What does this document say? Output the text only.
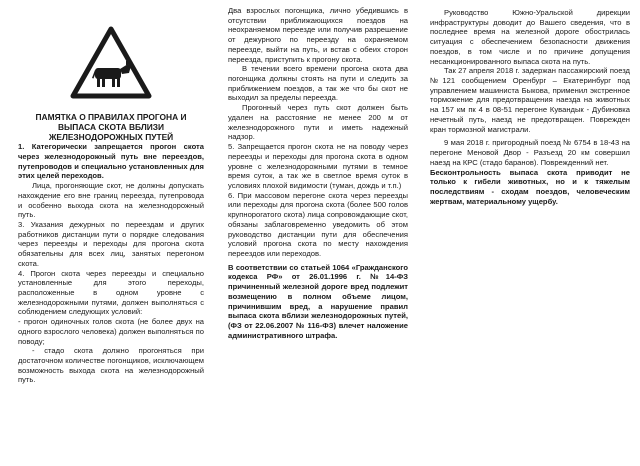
ПАМЯТКА О ПРАВИЛАХ ПРОГОНА И ВЫПАСА СКОТА ВБЛИЗИ ЖЕЛЕЗНОДОРОЖНЫХ ПУТЕЙ

1. Категорически запрещается прогон скота через железнодорожный путь вне переездов, путепроводов и специально установленных для этих целей переходов.

Лица, прогоняющие скот, не должны допускать нахождение его вне границ переезда, путепровода и особенно выхода скота на железнодорожный путь.

3. Указания дежурных по переездам и других работников дистанции пути о порядке следования через переезды и переходы для прогона скота обязательны для всех лиц, занятых перегоном скота.

4. Прогон скота через переезды и специально установленные для этого переходы, расположенные в одном уровне с железнодорожными путями, должен выполняться с соблюдением следующих условий:

- прогон одиночных голов скота (не более двух на одного взрослого человека) должен выполняться по поводу;

- стадо скота должно прогоняться при достаточном количестве погонщиков, исключающем возможность выхода скота на железнодорожный путь.

Два взрослых погонщика, лично убедившись в отсутствии приближающихся поездов на неохраняемом переезде или получив разрешение от дежурного по переезду на охраняемом переезде, выйти на путь, и встав с обеих сторон переезда, приступить к прогону скота.

В течении всего времени прогона скота два погонщика должны стоять на пути и следить за приближением поездов, а так же что бы скот не выходил за пределы переезда.

Прогонный через путь скот должен быть удален на расстояние не менее 200 м от железнодорожного пути и иметь надежный надзор.

5. Запрещается прогон скота не на поводу через переезды и переходы для прогона скота в одном уровне с железнодорожными путями в темное время суток, а так же в светлое время суток в условиях плохой видимости (туман, дождь и т.п.)

6. При массовом перегоне скота через переезды или переходы для прогона скота (более 500 голов крупнорогатого скота) лица сопровождающие скот, обязаны заблаговременно уведомить об этом руководство дистанции пути для обеспечения условий прогона скота по месту нахождения переездов или переходов.

В соответствии со статьей 1064 «Гражданского кодекса РФ» от 26.01.1996 г. №14-ФЗ причиненный железной дороге вред подлежит возмещению в полном объеме лицом, причинившим вред, а нарушение правил выпаса скота вблизи железнодорожных путей, (ФЗ от 22.06.2007 № 116-ФЗ) влечет наложение административного штрафа.

Руководство Южно-Уральской дирекции инфраструктуры доводит до Вашего сведения, что в последнее время на железной дороге обострилась ситуация с обеспечением безопасности движения поездов, в том числе и по причине допущения несанкционированного выпаса скота на путь.

Так 27 апреля 2018 г. задержан пассажирский поезд №121 сообщением Оренбург – Екатеринбург под управлением машиниста Быкова, применил экстренное торможение для предотвращения наезда на животных на 157 км пк 4 в 08-51 перегоне Кувандык - Дубиновка нечетный путь, наезд не предотвращен. Поврежден кран тормозной магистрали.

9 мая 2018 г. пригородный поезд № 6754 в 18-43 на перегоне Меновой Двор - Разъезд 20 км совершил наезд на КРС (стадо баранов). Поврежденний нет.

Бесконтрольность выпаса скота приводит не только к гибели животных, но и к тяжелым последствиям - сходам поездов, человеческим жертвам, материальному ущербу.
